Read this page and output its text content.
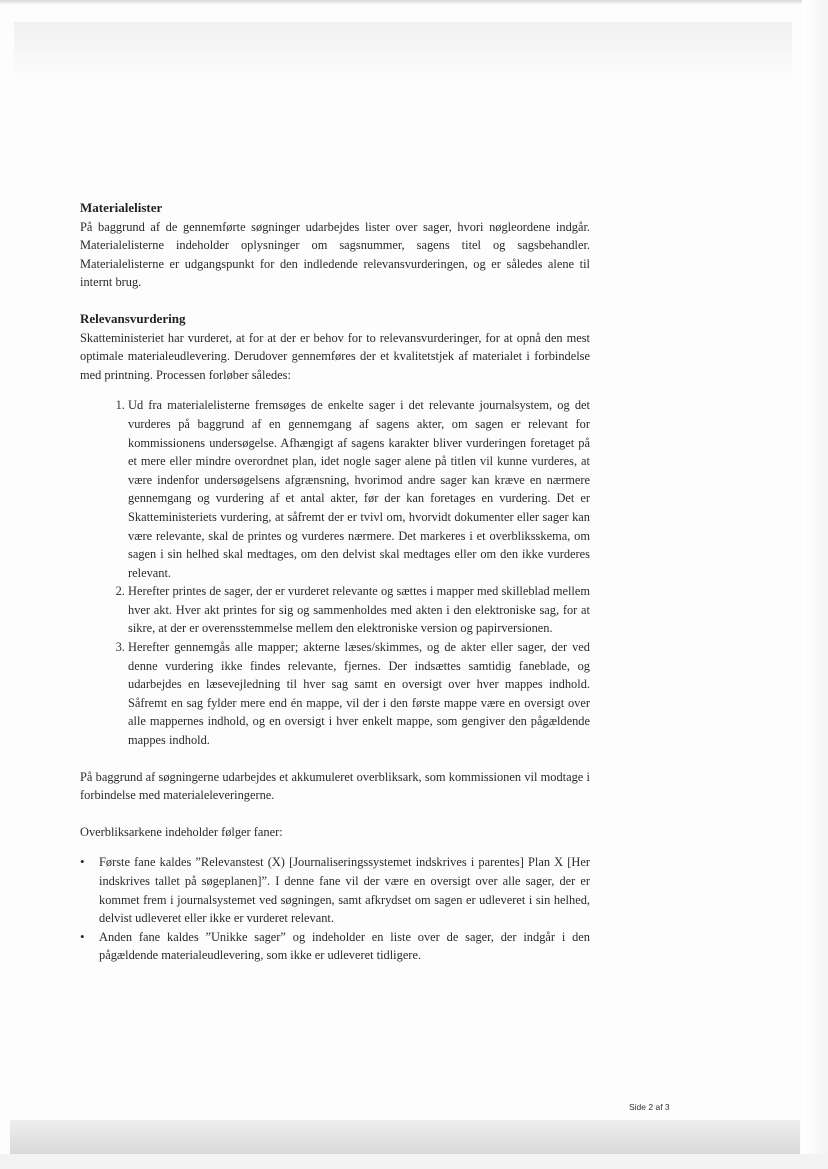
Materialelister

På baggrund af de gennemførte søgninger udarbejdes lister over sager, hvori nøgleordene indgår. Materialelisterne indeholder oplysninger om sagsnummer, sagens titel og sagsbehandler. Materialelisterne er udgangspunkt for den indledende relevansvurderingen, og er således alene til internt brug.

Relevansvurdering

Skatteministeriet har vurderet, at for at der er behov for to relevansvurderinger, for at opnå den mest optimale materialeudlevering. Derudover gennemføres der et kvalitetstjek af materialet i forbindelse med printning. Processen forløber således:

1. Ud fra materialelisterne fremsøges de enkelte sager i det relevante journalsystem, og det vurderes på baggrund af en gennemgang af sagens akter, om sagen er relevant for kommissionens undersøgelse. Afhængigt af sagens karakter bliver vurderingen foretaget på et mere eller mindre overordnet plan, idet nogle sager alene på titlen vil kunne vurderes, at være indenfor undersøgelsens afgrænsning, hvorimod andre sager kan kræve en nærmere gennemgang og vurdering af et antal akter, før der kan foretages en vurdering. Det er Skatteministeriets vurdering, at såfremt der er tvivl om, hvorvidt dokumenter eller sager kan være relevante, skal de printes og vurderes nærmere. Det markeres i et overbliksskema, om sagen i sin helhed skal medtages, om den delvist skal medtages eller om den ikke vurderes relevant.
2. Herefter printes de sager, der er vurderet relevante og sættes i mapper med skilleblad mellem hver akt. Hver akt printes for sig og sammenholdes med akten i den elektroniske sag, for at sikre, at der er overensstemmelse mellem den elektroniske version og papirversionen.
3. Herefter gennemgås alle mapper; akterne læses/skimmes, og de akter eller sager, der ved denne vurdering ikke findes relevante, fjernes. Der indsættes samtidig faneblade, og udarbejdes en læsevejledning til hver sag samt en oversigt over hver mappes indhold. Såfremt en sag fylder mere end én mappe, vil der i den første mappe være en oversigt over alle mappernes indhold, og en oversigt i hver enkelt mappe, som gengiver den pågældende mappes indhold.

På baggrund af søgningerne udarbejdes et akkumuleret overbliksark, som kommissionen vil modtage i forbindelse med materialeleveringerne.

Overbliksarkene indeholder følger faner:

• Første fane kaldes ”Relevanstest (X) [Journaliseringssystemet indskrives i parentes] Plan X [Her indskrives tallet på søgeplanen]”. I denne fane vil der være en oversigt over alle sager, der er kommet frem i journalsystemet ved søgningen, samt afkrydset om sagen er udleveret i sin helhed, delvist udleveret eller ikke er vurderet relevant.
• Anden fane kaldes ”Unikke sager” og indeholder en liste over de sager, der indgår i den pågældende materialeudlevering, som ikke er udleveret tidligere.
Side 2 af 3
